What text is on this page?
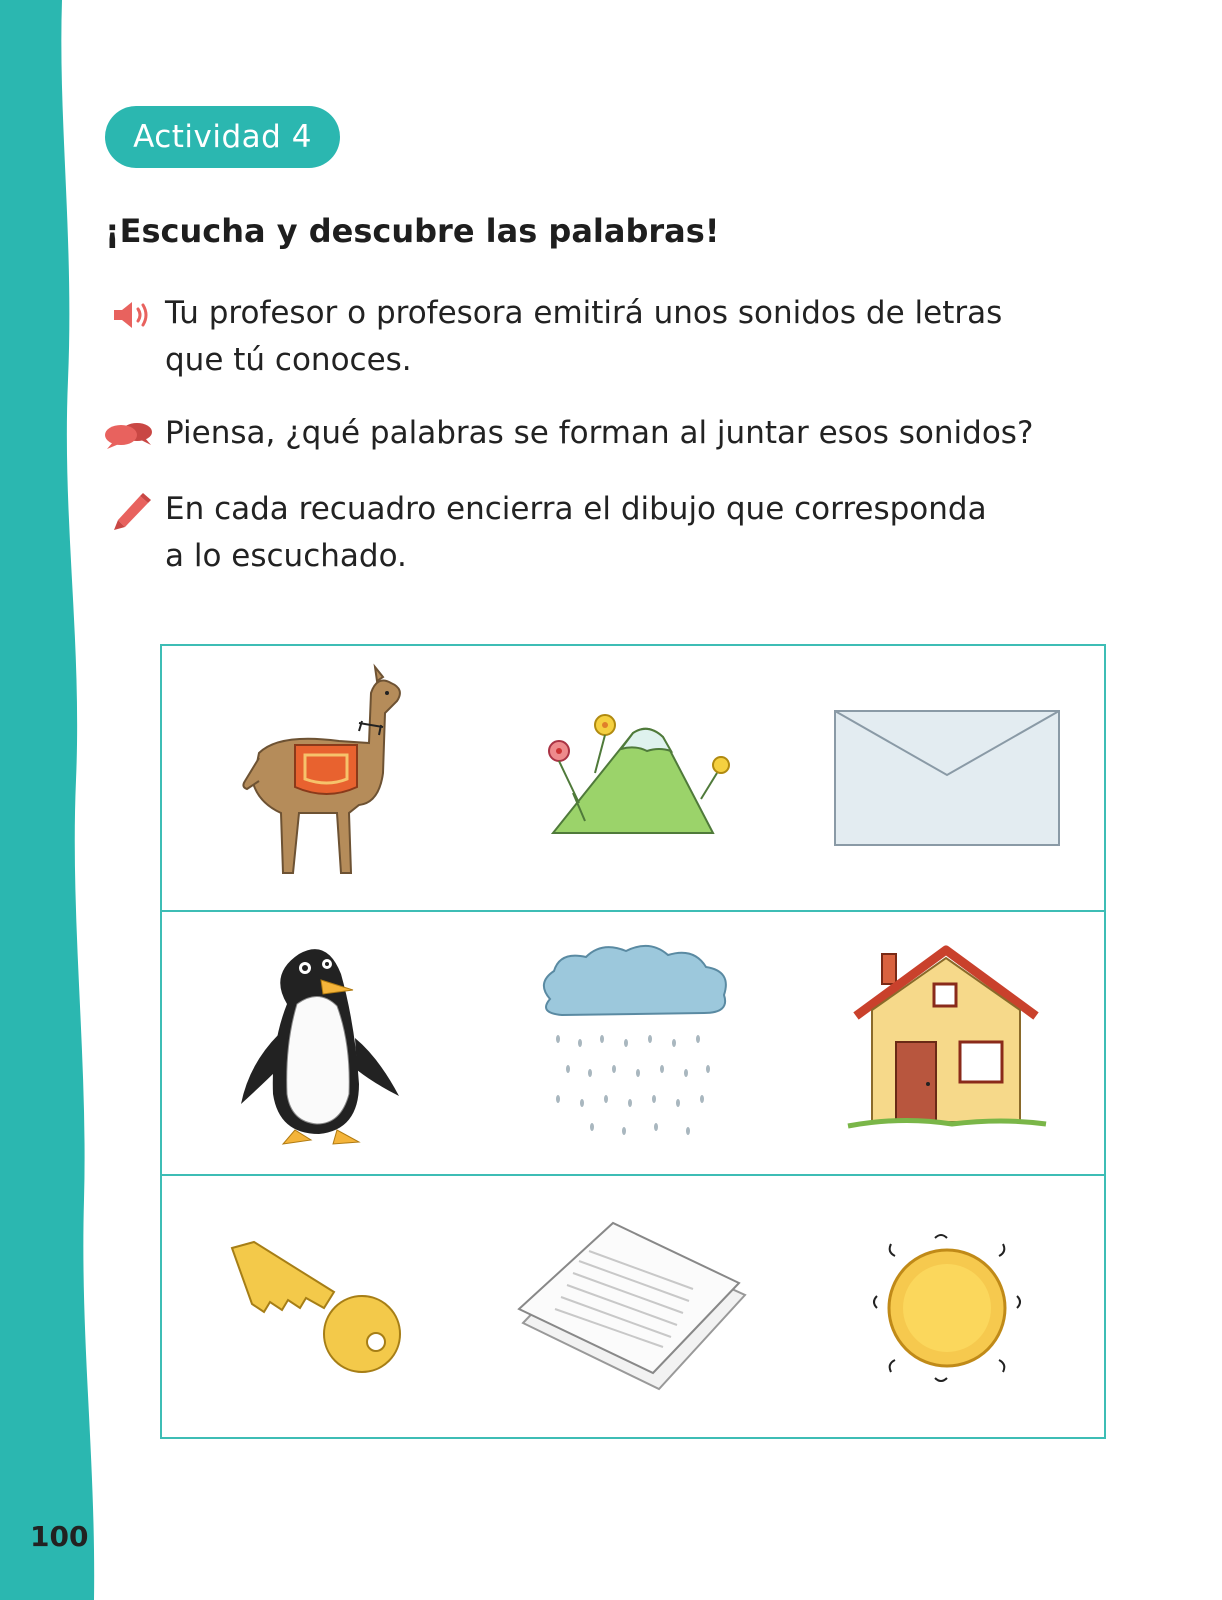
100
Actividad 4
¡Escucha y descubre las palabras!
Tu profesor o profesora emitirá unos sonidos de letras
que tú conoces.
Piensa, ¿qué palabras se forman al juntar esos sonidos?
En cada recuadro encierra el dibujo que corresponda
a lo escuchado.
